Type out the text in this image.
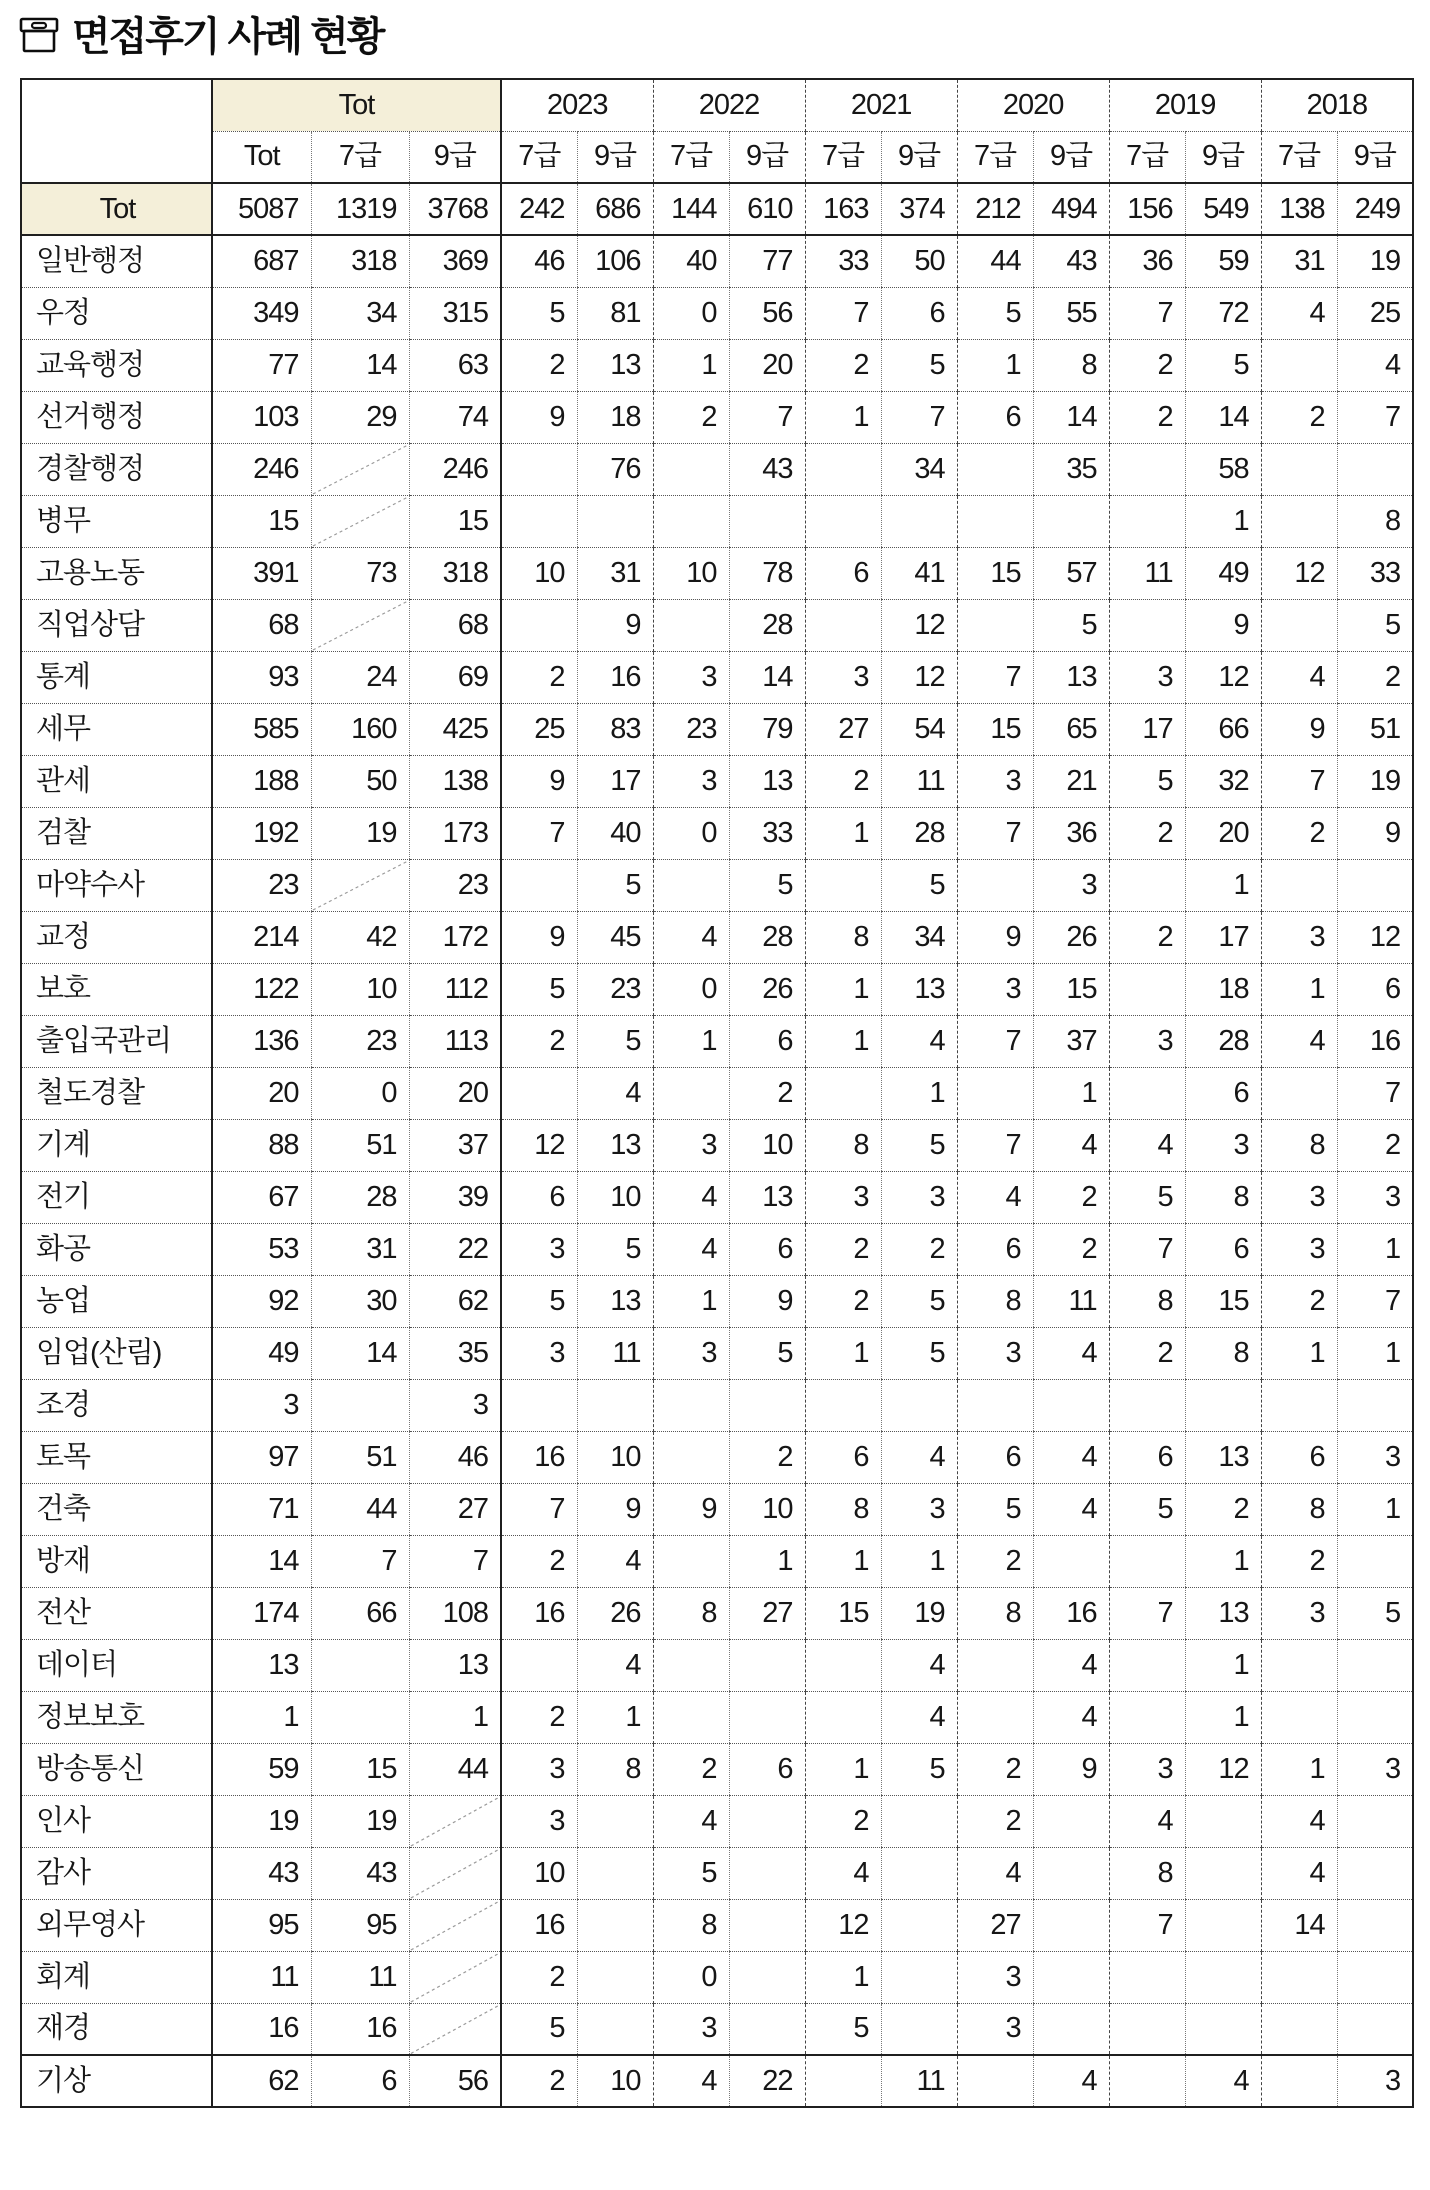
면접후기 사례 현황
	Tot			2023		2022		2021		2020		2019		2018	
	Tot	7급	9급	7급	9급	7급	9급	7급	9급	7급	9급	7급	9급	7급	9급
Tot	5087	1319	3768	242	686	144	610	163	374	212	494	156	549	138	249
일반행정	687	318	369	46	106	40	77	33	50	44	43	36	59	31	19
우정	349	34	315	5	81	0	56	7	6	5	55	7	72	4	25
교육행정	77	14	63	2	13	1	20	2	5	1	8	2	5		4
선거행정	103	29	74	9	18	2	7	1	7	6	14	2	14	2	7
경찰행정	246		246		76		43		34		35		58		
병무	15		15										1		8
고용노동	391	73	318	10	31	10	78	6	41	15	57	11	49	12	33
직업상담	68		68		9		28		12		5		9		5
통계	93	24	69	2	16	3	14	3	12	7	13	3	12	4	2
세무	585	160	425	25	83	23	79	27	54	15	65	17	66	9	51
관세	188	50	138	9	17	3	13	2	11	3	21	5	32	7	19
검찰	192	19	173	7	40	0	33	1	28	7	36	2	20	2	9
마약수사	23		23		5		5		5		3		1		
교정	214	42	172	9	45	4	28	8	34	9	26	2	17	3	12
보호	122	10	112	5	23	0	26	1	13	3	15		18	1	6
출입국관리	136	23	113	2	5	1	6	1	4	7	37	3	28	4	16
철도경찰	20	0	20		4		2		1		1		6		7
기계	88	51	37	12	13	3	10	8	5	7	4	4	3	8	2
전기	67	28	39	6	10	4	13	3	3	4	2	5	8	3	3
화공	53	31	22	3	5	4	6	2	2	6	2	7	6	3	1
농업	92	30	62	5	13	1	9	2	5	8	11	8	15	2	7
임업(산림)	49	14	35	3	11	3	5	1	5	3	4	2	8	1	1
조경	3		3												
토목	97	51	46	16	10		2	6	4	6	4	6	13	6	3
건축	71	44	27	7	9	9	10	8	3	5	4	5	2	8	1
방재	14	7	7	2	4		1	1	1	2			1	2	
전산	174	66	108	16	26	8	27	15	19	8	16	7	13	3	5
데이터	13		13		4				4		4		1		
정보보호	1		1	2	1				4		4		1		
방송통신	59	15	44	3	8	2	6	1	5	2	9	3	12	1	3
인사	19	19		3		4		2		2		4		4	
감사	43	43		10		5		4		4		8		4	
외무영사	95	95		16		8		12		27		7		14	
회계	11	11		2		0		1		3					
재경	16	16		5		3		5		3					
기상	62	6	56	2	10	4	22		11		4		4		3
